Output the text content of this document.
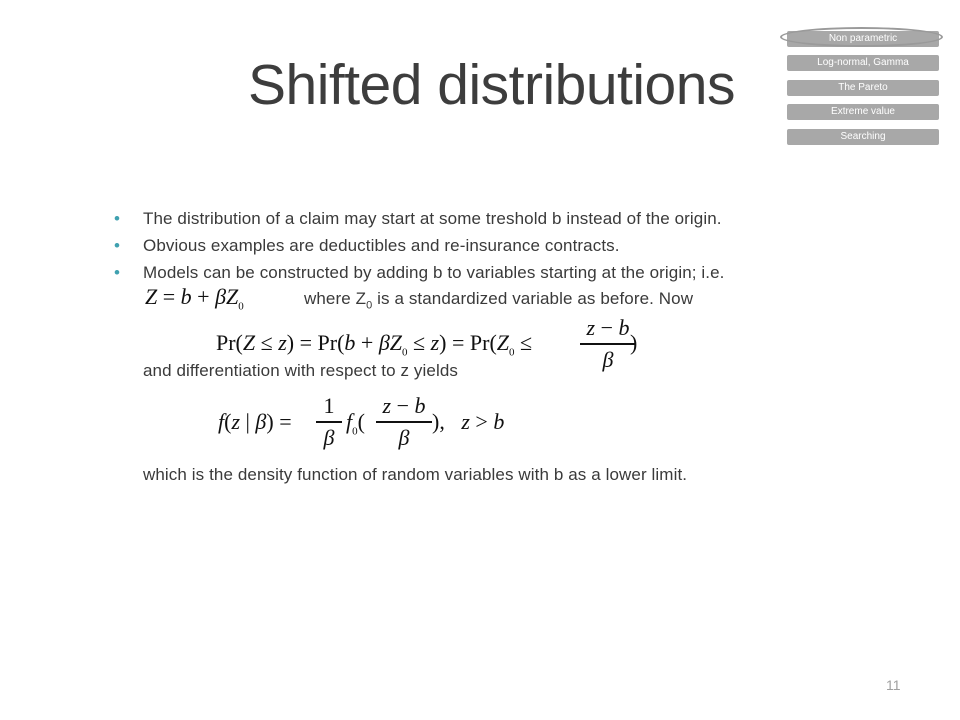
Shifted distributions
Non parametric
Log-normal, Gamma
The Pareto
Extreme value
Searching
• The distribution of a claim may start at some treshold b instead of the origin.
• Obvious examples are deductibles and re-insurance contracts.
• Models can be constructed by adding b to variables starting at the origin; i.e.
$Z = b + \beta Z_0$	where $Z_0$ is a standardized variable as before. Now
$Pr(Z \le z) = Pr(b + \beta Z_0 \le z) = Pr(Z_0$ ≤
z − b
β
)
and differentiation with respect to z yields
f(z | β) =
1
β
$f_0$(
z − b
β
),   z > b
which is the density function of random variables with b as a lower limit.
11
